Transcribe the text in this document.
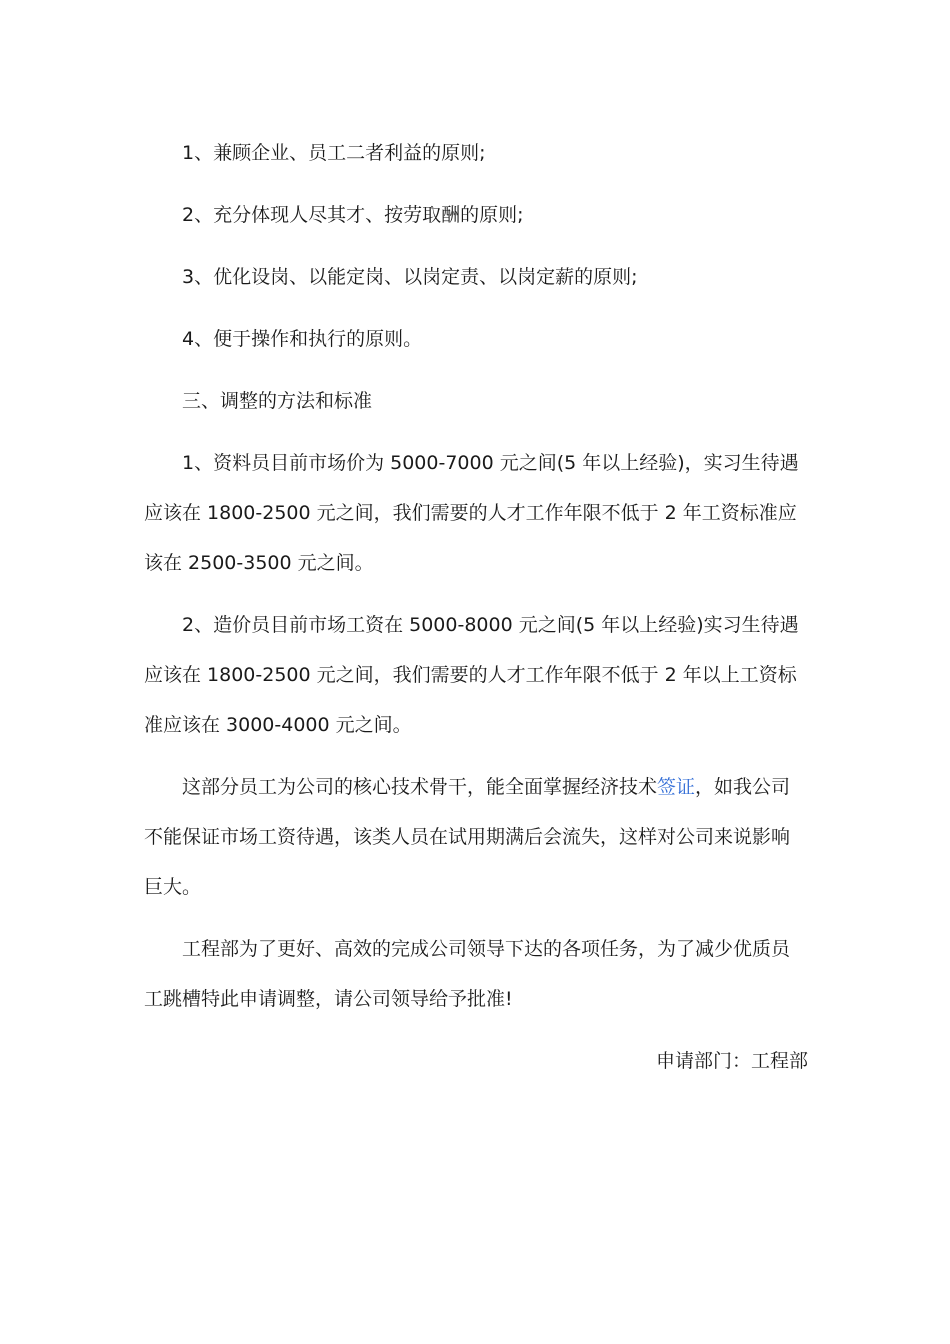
1、兼顾企业、员工二者利益的原则;

2、充分体现人尽其才、按劳取酬的原则;

3、优化设岗、以能定岗、以岗定责、以岗定薪的原则;

4、便于操作和执行的原则。

三、调整的方法和标准

1、资料员目前市场价为 5000-7000 元之间(5 年以上经验)，实习生待遇应该在 1800-2500 元之间，我们需要的人才工作年限不低于 2 年工资标准应该在 2500-3500 元之间。

2、造价员目前市场工资在 5000-8000 元之间(5 年以上经验)实习生待遇应该在 1800-2500 元之间，我们需要的人才工作年限不低于 2 年以上工资标准应该在 3000-4000 元之间。

这部分员工为公司的核心技术骨干，能全面掌握经济技术签证，如我公司不能保证市场工资待遇，该类人员在试用期满后会流失，这样对公司来说影响巨大。

工程部为了更好、高效的完成公司领导下达的各项任务，为了减少优质员工跳槽特此申请调整，请公司领导给予批准!

申请部门：工程部
